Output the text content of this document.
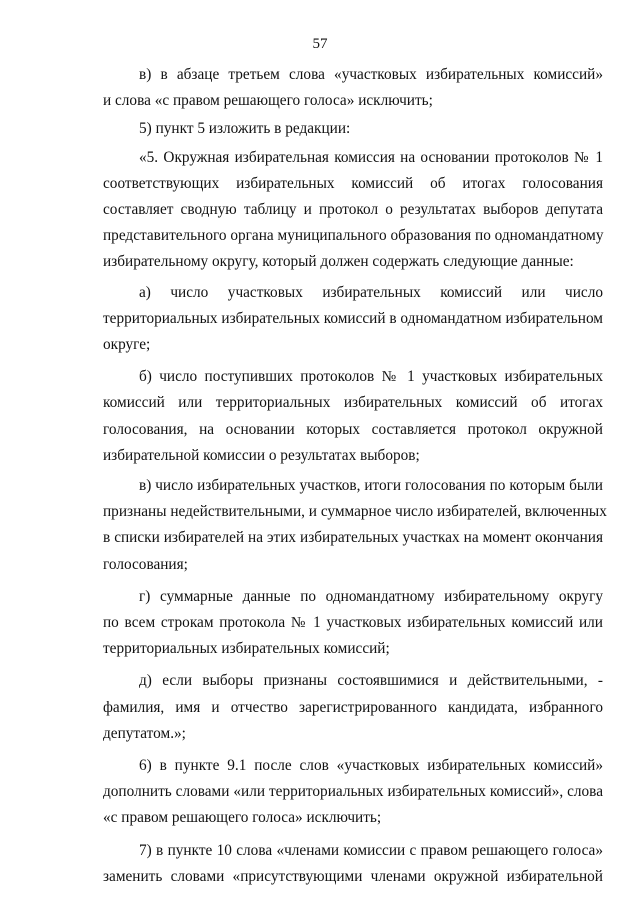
57

в) в абзаце третьем слова «участковых избирательных комиссий»
и слова «с правом решающего голоса» исключить;

5) пункт 5 изложить в редакции:

«5. Окружная избирательная комиссия на основании протоколов № 1
соответствующих избирательных комиссий об итогах голосования
составляет сводную таблицу и протокол о результатах выборов депутата
представительного органа муниципального образования по одномандатному
избирательному округу, который должен содержать следующие данные:

а) число участковых избирательных комиссий или число
территориальных избирательных комиссий в одномандатном избирательном
округе;

б) число поступивших протоколов № 1 участковых избирательных
комиссий или территориальных избирательных комиссий об итогах
голосования, на основании которых составляется протокол окружной
избирательной комиссии о результатах выборов;

в) число избирательных участков, итоги голосования по которым были
признаны недействительными, и суммарное число избирателей, включенных
в списки избирателей на этих избирательных участках на момент окончания
голосования;

г) суммарные данные по одномандатному избирательному округу
по всем строкам протокола № 1 участковых избирательных комиссий или
территориальных избирательных комиссий;

д) если выборы признаны состоявшимися и действительными, -
фамилия, имя и отчество зарегистрированного кандидата, избранного
депутатом.»;

6) в пункте 9.1 после слов «участковых избирательных комиссий»
дополнить словами «или территориальных избирательных комиссий», слова
«с правом решающего голоса» исключить;

7) в пункте 10 слова «членами комиссии с правом решающего голоса»
заменить словами «присутствующими членами окружной избирательной
